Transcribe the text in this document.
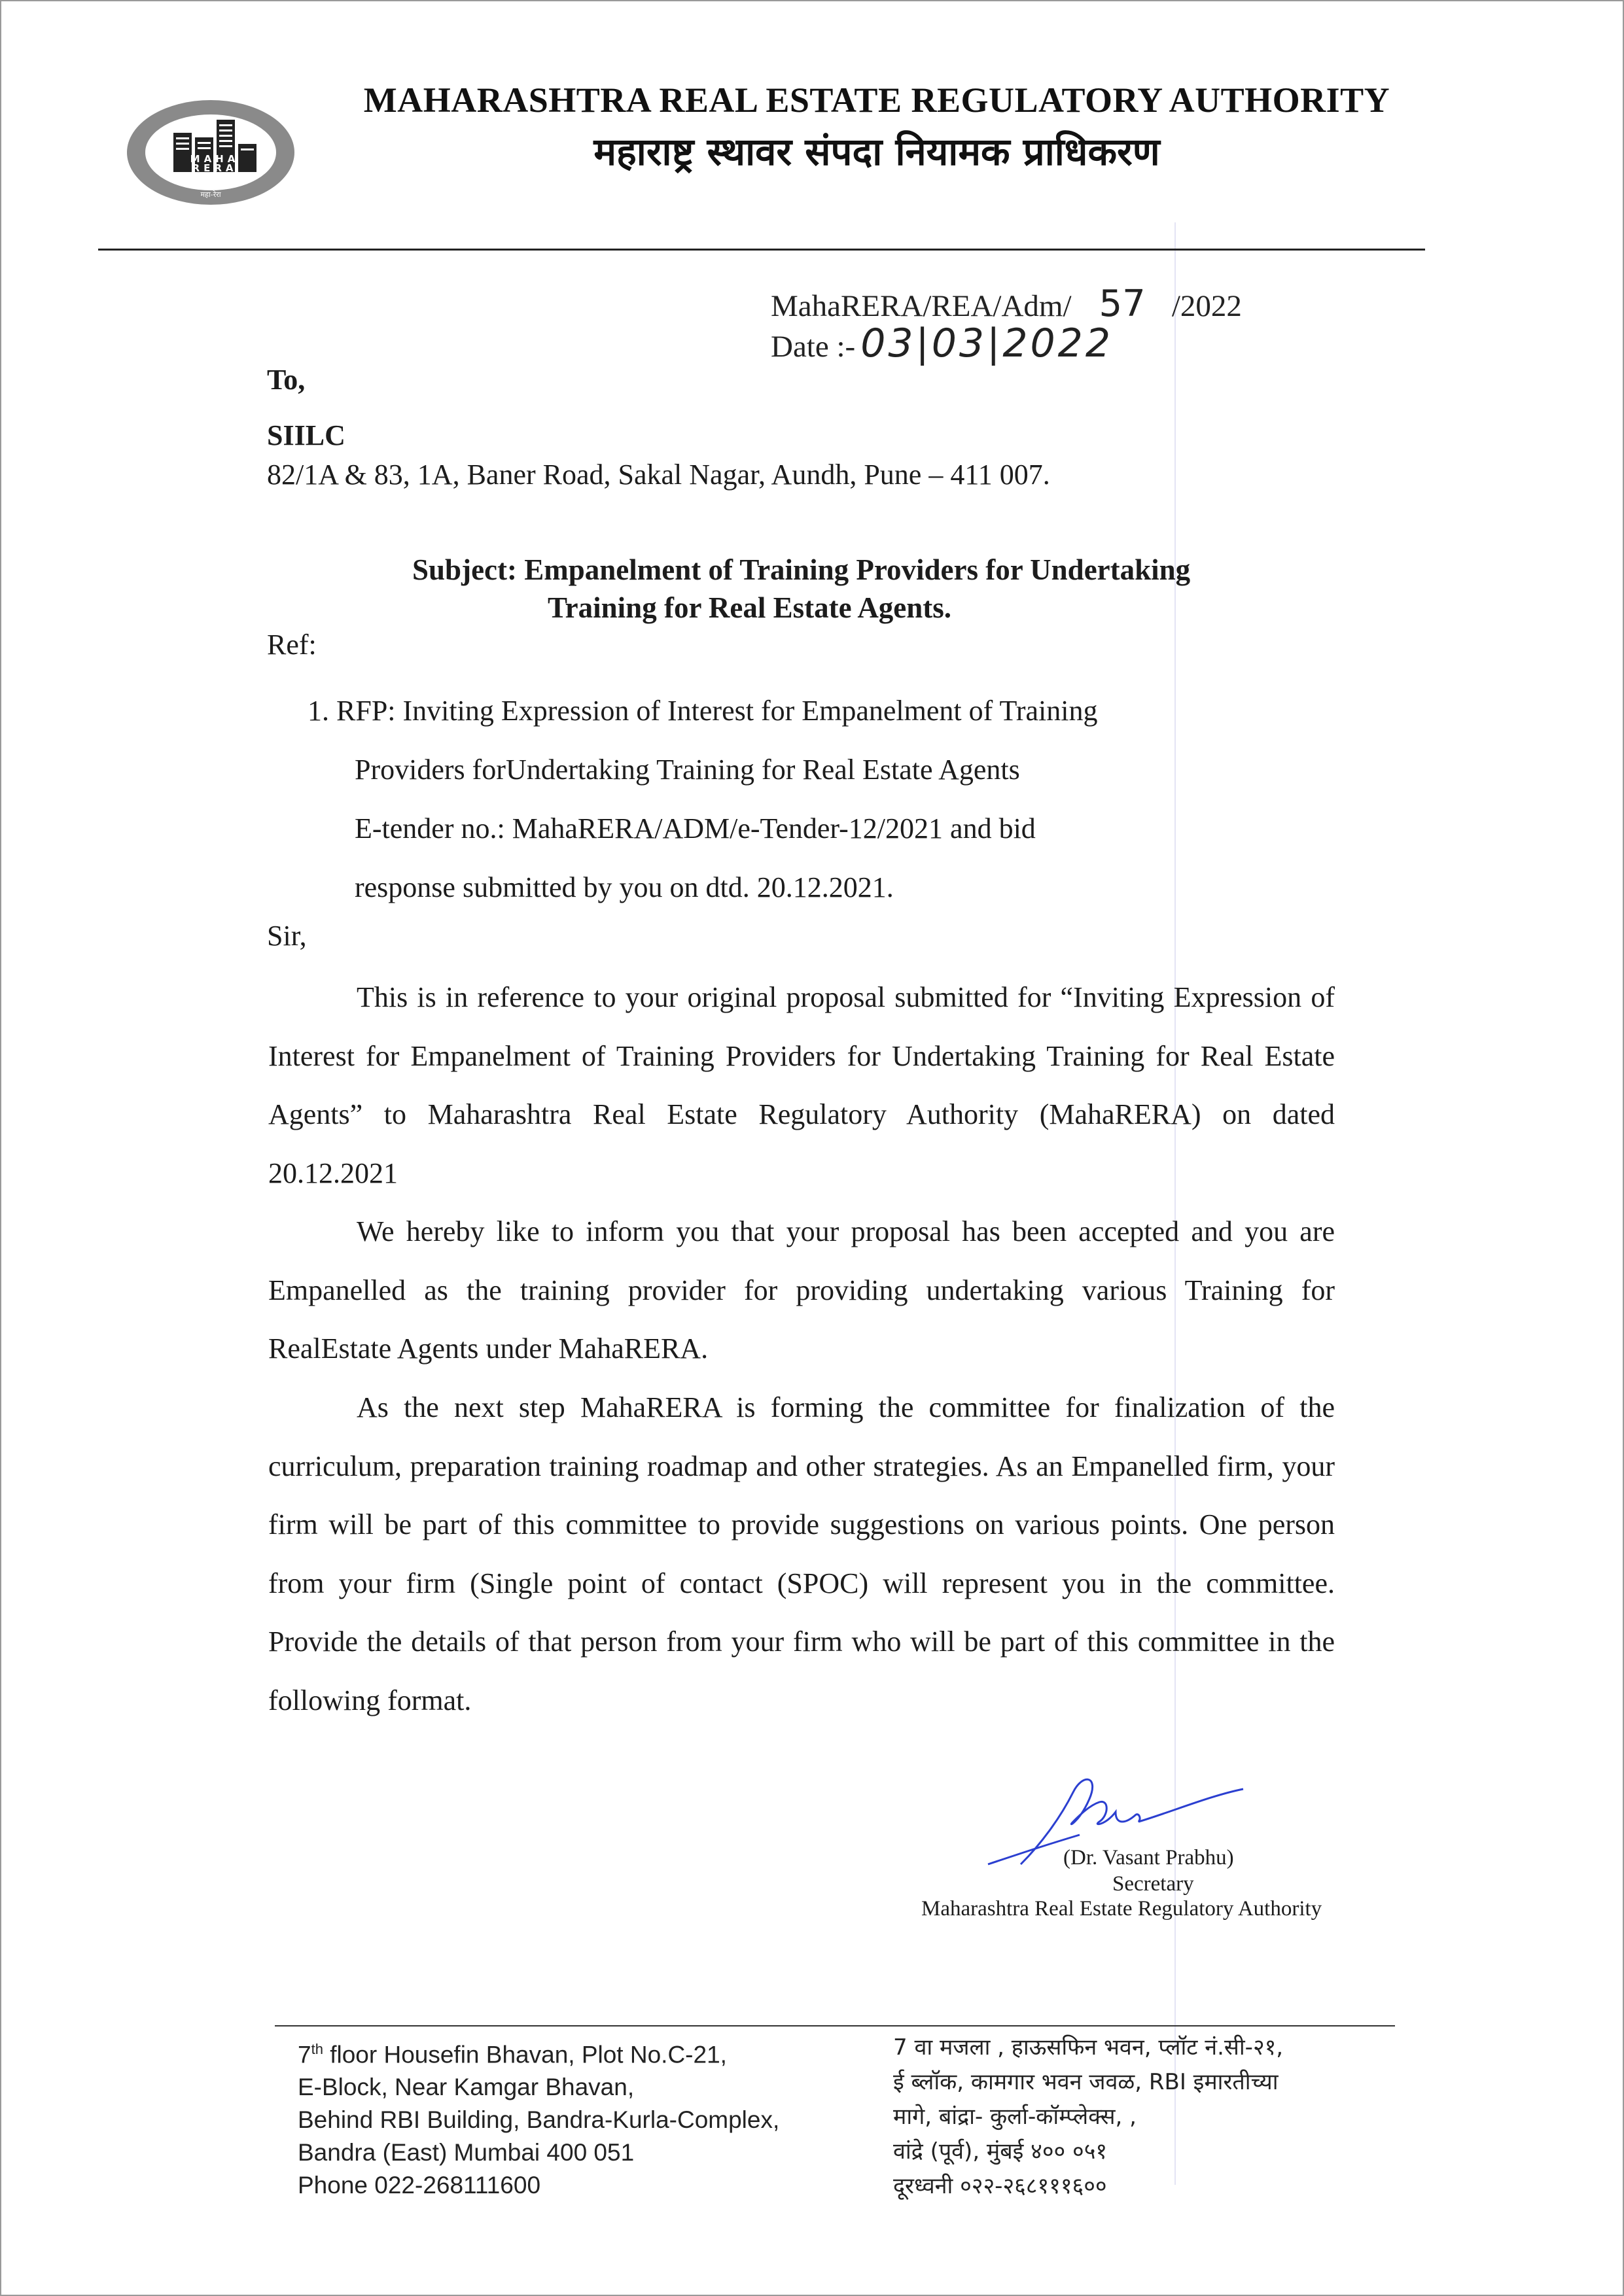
MAHA
RERA
महा-रेरा
MAHARASHTRA REAL ESTATE REGULATORY AUTHORITY
महाराष्ट्र स्थावर संपदा नियामक प्राधिकरण
MahaRERA/REA/Adm/ 57 /2022
Date :- 03|03|2022
To,
SIILC
82/1A & 83, 1A, Baner Road, Sakal Nagar, Aundh, Pune – 411 007.
Subject: Empanelment of Training Providers for Undertaking
Training for Real Estate Agents.
Ref:
1. RFP: Inviting Expression of Interest for Empanelment of Training
Providers forUndertaking Training for Real Estate Agents
E-tender no.: MahaRERA/ADM/e-Tender-12/2021 and bid
response submitted by you on dtd. 20.12.2021.
Sir,

This is in reference to your original proposal submitted for “Inviting Expression of Interest for Empanelment of Training Providers for Undertaking Training for Real Estate Agents” to Maharashtra Real Estate Regulatory Authority (MahaRERA) on dated 20.12.2021

We hereby like to inform you that your proposal has been accepted and you are Empanelled as the training provider for providing undertaking various Training for RealEstate Agents under MahaRERA.

As the next step MahaRERA is forming the committee for finalization of the curriculum, preparation training roadmap and other strategies. As an Empanelled firm, your firm will be part of this committee to provide suggestions on various points. One person from your firm (Single point of contact (SPOC) will represent you in the committee. Provide the details of that person from your firm who will be part of this committee in the following format.

(Dr. Vasant Prabhu)
Secretary
Maharashtra Real Estate Regulatory Authority
7th floor Housefin Bhavan, Plot No.C-21,
E-Block, Near Kamgar Bhavan,
Behind RBI Building, Bandra-Kurla-Complex,
Bandra (East) Mumbai 400 051
Phone 022-268111600
7 वा मजला , हाऊसफिन भवन, प्लॉट नं.सी-२१,
ई ब्लॉक, कामगार भवन जवळ, RBI इमारतीच्या
मागे, बांद्रा- कुर्ला-कॉम्प्लेक्स, ,
वांद्रे (पूर्व), मुंबई ४०० ०५१
दूरध्वनी ०२२-२६८१११६००
